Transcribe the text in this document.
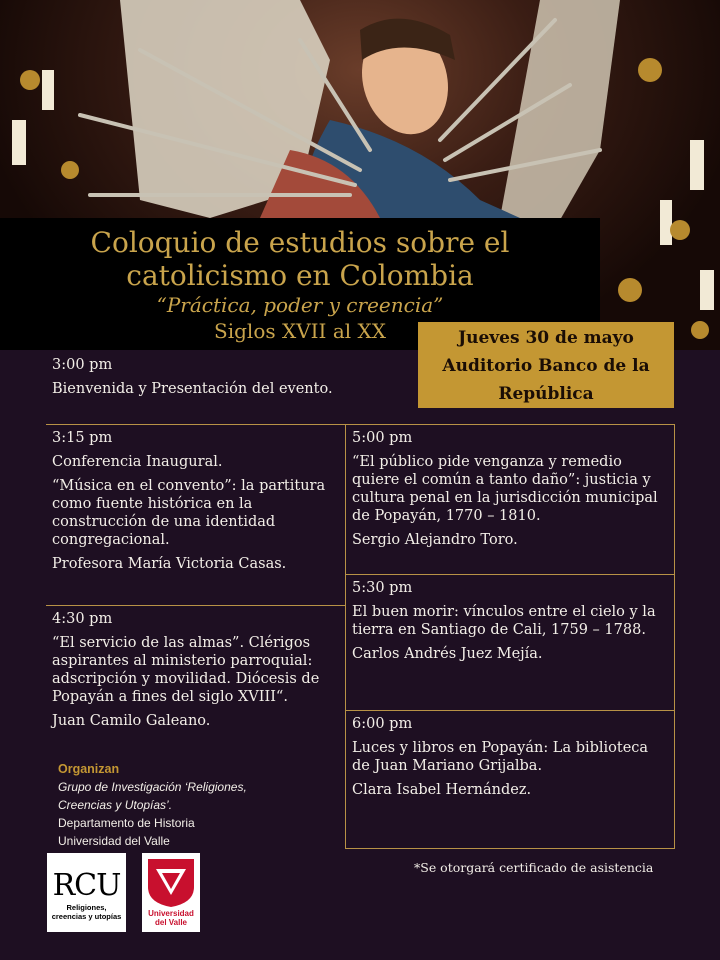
Coloquio de estudios sobre el
catolicismo en Colombia
“Práctica, poder y creencia”
Siglos XVII al XX	Jueves 30 de mayo
Auditorio Banco de la
República
3:00 pm
Bienvenida y Presentación del evento.
3:15 pm
Conferencia Inaugural.
“Música en el convento”: la partitura como fuente histórica en la construcción de una identidad congregacional.
Profesora María Victoria Casas.
4:30 pm
“El servicio de las almas”. Clérigos aspirantes al ministerio parroquial: adscripción y movilidad. Diócesis de Popayán a fines del siglo XVIII“.
Juan Camilo Galeano.
5:00 pm
“El público pide venganza y remedio quiere el común a tanto daño”: justicia y cultura penal en la jurisdicción municipal de Popayán, 1770 – 1810.
Sergio Alejandro Toro.
5:30 pm
El buen morir: vínculos entre el cielo y la tierra en Santiago de Cali, 1759 – 1788.
Carlos Andrés Juez Mejía.
6:00 pm
Luces y libros en Popayán: La biblioteca de Juan Mariano Grijalba.
Clara Isabel Hernández.
Organizan
Grupo de Investigación ‘Religiones,
Creencias y Utopías’.
Departamento de Historia
Universidad del Valle
*Se otorgará certificado de asistencia
RCU
Religiones,
creencias y utopías	Universidad
del Valle
